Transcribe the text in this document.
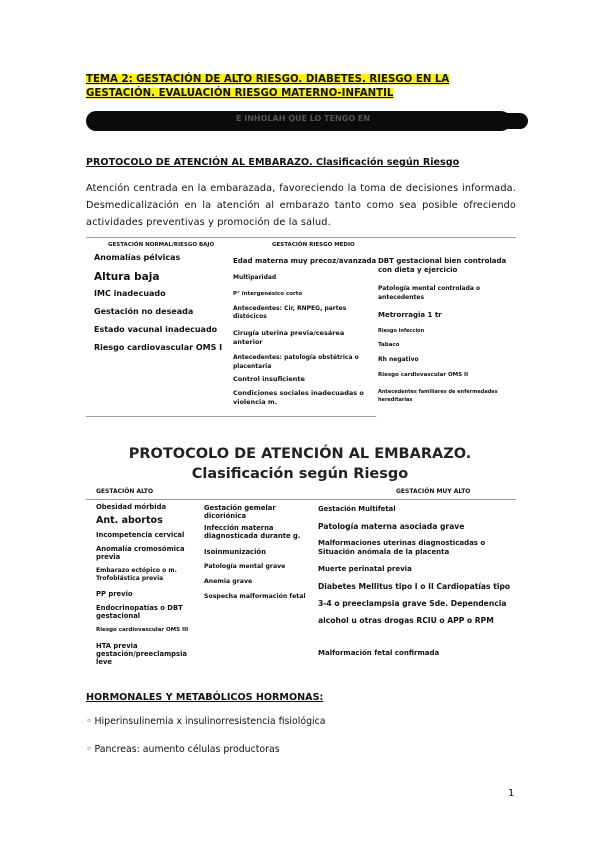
TEMA 2: GESTACIÓN DE ALTO RIESGO. DIABETES. RIESGO EN LA GESTACIÓN. EVALUACIÓN RIESGO MATERNO-INFANTIL
E INHOLAH QUE LO TENGO EN
PROTOCOLO DE ATENCIÓN AL EMBARAZO. Clasificación según Riesgo
Atención centrada en la embarazada, favoreciendo la toma de decisiones informada. Desmedicalización en la atención al embarazo tanto como sea posible ofreciendo actividades preventivas y promoción de la salud.
GESTACIÓN NORMAL/RIESGO BAJO	GESTACIÓN RIESGO MEDIO
Anomalías pélvicas
Altura baja
IMC inadecuado
Gestación no deseada
Estado vacunal inadecuado
Riesgo cardiovascular OMS I
Edad materna muy precoz/avanzada
Multiparidad
P° intergenésico corto
Antecedentes: Cir, RNPEG, partes distócicos
Cirugía uterina previa/cesárea anterior
Antecedentes: patología obstétrica o placentaria
Control insuficiente
Condiciones sociales inadecuadas o violencia m.
DBT gestacional bien controlada con dieta y ejercicio
Patología mental controlada o antecedentes
Metrorragia 1 tr
Riesgo infección
Tabaco
Rh negativo
Riesgo cardiovascular OMS II
Antecedentes familiares de enfermedades hereditarias
PROTOCOLO DE ATENCIÓN AL EMBARAZO.
Clasificación según Riesgo
GESTACIÓN ALTO	GESTACIÓN MUY ALTO
Obesidad mórbida
Ant. abortos
Incompetencia cervical
Anomalía cromosómica previa
Embarazo ectópico o m. Trofoblástica previa
PP previo
Endocrinopatías o DBT gestacional
Riesgo cardiovascular OMS III
HTA previa gestación/preeclampsia leve
Gestación gemelar dicoriónica
Infección materna diagnosticada durante g.
Isoinmunización
Patología mental grave
Anemia grave
Sospecha malformación fetal
Gestación Multifetal
Patología materna asociada grave
Malformaciones uterinas diagnosticadas o Situación anómala de la placenta
Muerte perinatal previa
Diabetes Mellitus tipo I o II Cardiopatías tipo
3-4 o preeclampsia grave Sde. Dependencia
alcohol u otras drogas RCIU o APP o RPM
Malformación fetal confirmada
HORMONALES Y METABÓLICOS HORMONAS:
◦ Hiperinsulinemia x insulinorresistencia fisiológica
◦ Pancreas: aumento células productoras
1
